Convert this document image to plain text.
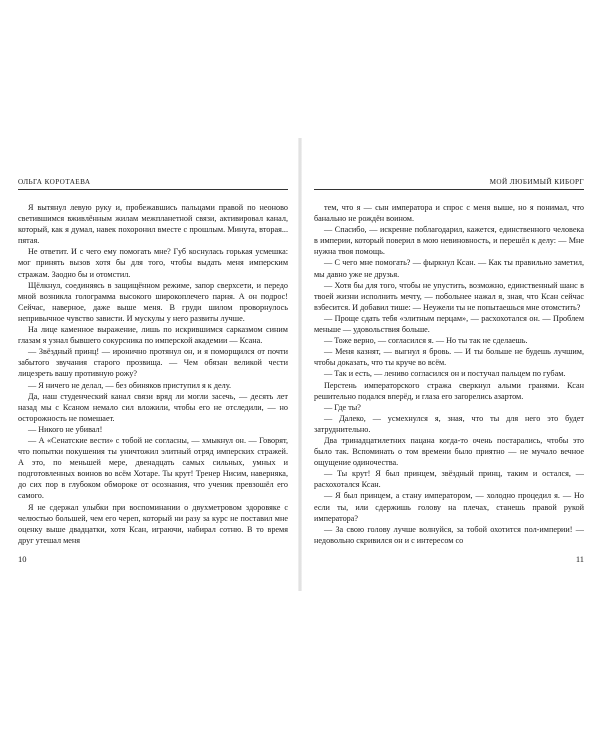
ОЛЬГА КОРОТАЕВА

Я вытянул левую руку и, пробежавшись пальцами правой по неоново светившимся вживлённым жилам межпланетной связи, активировал канал, который, как я думал, навек похоронил вместе с прошлым. Минута, вторая... пятая.

Не ответит. И с чего ему помогать мне? Губ коснулась горькая усмешка: мог принять вызов хотя бы для того, чтобы выдать меня имперским стражам. Заодно бы и отомстил.

Щёлкнул, соединяясь в защищённом режиме, запор сверхсети, и передо мной возникла голограмма высокого широкоплечего парня. А он подрос! Сейчас, наверное, даже выше меня. В груди шилом проворнулось непривычное чувство зависти. И мускулы у него развиты лучше.

На лице каменное выражение, лишь по искрившимся сарказмом синим глазам я узнал бывшего сокурсника по имперской академии — Ксана.

— Звёздный принц! — иронично протянул он, и я поморщился от почти забытого звучания старого прозвища. — Чем обязан великой чести лицезреть вашу противную рожу?

— Я ничего не делал, — без обиняков приступил я к делу.

Да, наш студенческий канал связи вряд ли могли засечь, — десять лет назад мы с Ксаном немало сил вложили, чтобы его не отследили, — но осторожность не помешает.

— Никого не убивал!

— А «Сенатские вести» с тобой не согласны, — хмыкнул он. — Говорят, что попытки покушения ты уничтожил элитный отряд имперских стражей. А это, по меньшей мере, двенадцать самых сильных, умных и подготовленных воинов во всём Хотаре. Ты крут! Тренер Нисим, наверняка, до сих пор в глубоком обмороке от осознания, что ученик превзошёл его самого.

Я не сдержал улыбки при воспоминании о двухметровом здоровяке с челюстью большей, чем его череп, который ни разу за курс не поставил мне оценку выше двадцатки, хотя Ксан, играючи, набирал сотню. В то время друг утешал меня

10
МОЙ ЛЮБИМЫЙ КИБОРГ

тем, что я — сын императора и спрос с меня выше, но я понимал, что банально не рождён воином.

— Спасибо, — искренне поблагодарил, кажется, единственного человека в империи, который поверил в мою невиновность, и перешёл к делу: — Мне нужна твоя помощь.

— С чего мне помогать? — фыркнул Ксан. — Как ты правильно заметил, мы давно уже не друзья.

— Хотя бы для того, чтобы не упустить, возможно, единственный шанс в твоей жизни исполнить мечту, — побольнее нажал я, зная, что Ксан сейчас взбесится. И добавил тише: — Неужели ты не попытаешься мне отомстить?

— Проще сдать тебя «элитным перцам», — расхохотался он. — Проблем меньше — удовольствия больше.

— Тоже верно, — согласился я. — Но ты так не сделаешь.

— Меня казнят, — выгнул я бровь. — И ты больше не будешь лучшим, чтобы доказать, что ты круче во всём.

— Так и есть, — лениво согласился он и постучал пальцем по губам.

Перстень императорского стража сверкнул алыми гранями. Ксан решительно подался вперёд, и глаза его загорелись азартом.

— Где ты?

— Далеко, — усмехнулся я, зная, что ты для него это будет затруднительно.

Два тринадцатилетних пацана когда-то очень постарались, чтобы это было так. Вспоминать о том времени было приятно — не мучало вечное ощущение одиночества.

— Ты крут! Я был принцем, звёздный принц, таким и остался, — расхохотался Ксан.

— Я был принцем, а стану императором, — холодно процедил я. — Но если ты, или сдержишь голову на плечах, станешь правой рукой императора?

— За свою голову лучше волнуйся, за тобой охотится пол-империи! — недовольно скривился он и с интересом со

11
